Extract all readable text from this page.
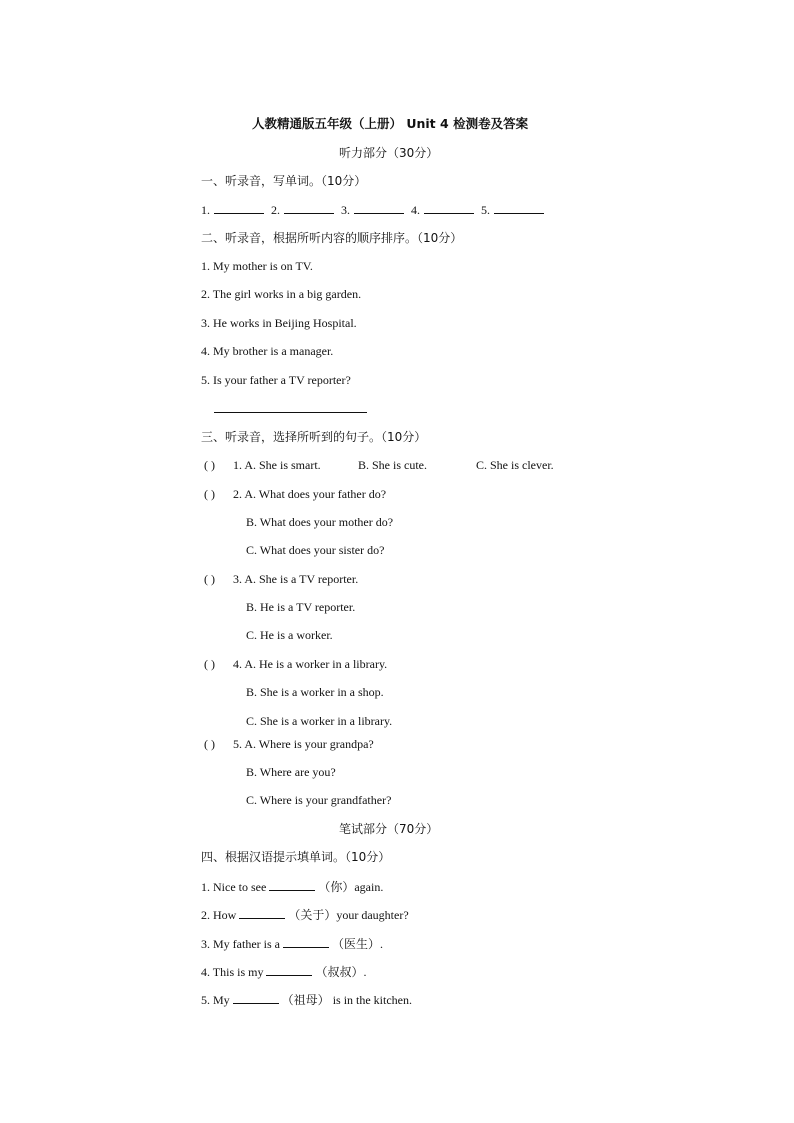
人教精通版五年级（上册） Unit 4 检测卷及答案
听力部分（30分）
一、听录音，写单词。（10分）
1.	2.	3.	4.	5.
二、听录音，根据所听内容的顺序排序。（10分）
1. My mother is on TV.
2. The girl works in a big garden.
3. He works in Beijing Hospital.
4. My brother is a manager.
5. Is your father a TV reporter?
三、听录音，选择所听到的句子。（10分）
( ) 1. A. She is smart.	B. She is cute.	C. She is clever.
( ) 2. A. What does your father do?
B. What does your mother do?
C. What does your sister do?
( ) 3. A. She is a TV reporter.
B. He is a TV reporter.
C. He is a worker.
( ) 4. A. He is a worker in a library.
B. She is a worker in a shop.
C. She is a worker in a library.
( ) 5. A. Where is your grandpa?
B. Where are you?
C. Where is your grandfather?
笔试部分（70分）
四、根据汉语提示填单词。（10分）
1. Nice to see	（你）again.
2. How	（关于）your daughter?
3. My father is a	（医生）.
4. This is my	（叔叔）.
5. My	（祖母） is in the kitchen.
